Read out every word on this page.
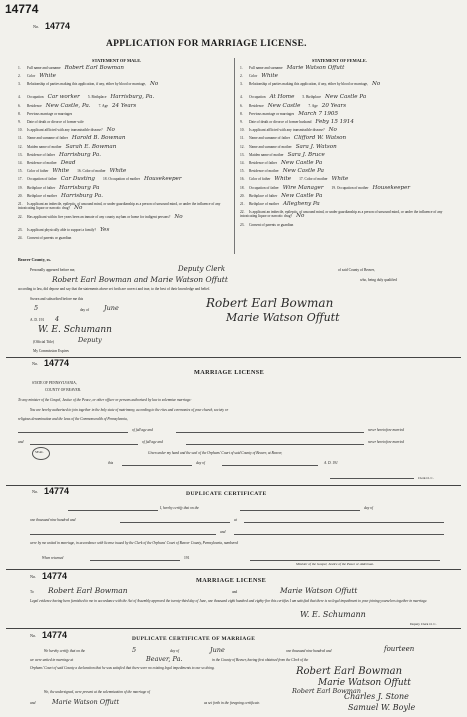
14774
No. 14774
APPLICATION FOR MARRIAGE LICENSE.
STATEMENT OF MALE.	STATEMENT OF FEMALE.
1. Full name and surname Robert Earl Bowman
2. Color White
3. Relationship of parties making this application, if any, either by blood or marriage, No
4. Occupation Car worker 5. Birthplace Harrisburg, Pa.
6. Residence New Castle, Pa. 7. Age 24 Years
8. Previous marriage or marriages
9. Date of death or divorce of former wife
10. Is applicant afflicted with any transmissible disease? No
11. Name and surname of father Harold B. Bowman
12. Maiden name of mother Sarah E. Bowman
13. Residence of father Harrisburg Pa.
14. Residence of mother Dead
15. Color of father White 16. Color of mother White
17. Occupation of father Car Dusting 18. Occupation of mother Housekeeper
19. Birthplace of father Harrisburg Pa
20. Birthplace of mother Harrisburg Pa.
21. Is applicant an imbecile, epileptic, of unsound mind, or under guardianship as a person of unsound mind, or under the influence of any intoxicating liquor or narcotic drug? No
22. Has applicant within five years been an inmate of any county asylum or home for indigent persons? No
23. Is applicant physically able to support a family? Yes
24. Consent of parents or guardian
1. Full name and surname Marie Watson Offutt
2. Color White
3. Relationship of parties making this application, if any, either by blood or marriage, No
4. Occupation At Home 5. Birthplace New Castle Pa
6. Residence New Castle 7. Age 20 Years
8. Previous marriage or marriages March 7 1905
9. Date of death or divorce of former husband Feby 15 1914
10. Is applicant afflicted with any transmissible disease? No
11. Name and surname of father Clifford W. Watson
12. Name and surname of mother Sara J. Watson
13. Maiden name of mother Sara J. Bruce
14. Residence of father New Castle Pa
15. Residence of mother New Castle Pa
16. Color of father White 17. Color of mother White
18. Occupation of father Wire Manager 19. Occupation of mother Housekeeper
20. Birthplace of father New Castle Pa
21. Birthplace of mother Allegheny Pa
22. Is applicant an imbecile, epileptic, of unsound mind, or under guardianship as a person of unsound mind, or under the influence of any intoxicating liquor or narcotic drug? No
23. Consent of parents or guardian
Beaver County, ss.
Personally appeared before me,	Deputy Clerk	of said County of Beaver,
Robert Earl Bowman and Marie Watson Offutt	who, being duly qualified
according to law, did depose and say that the statements above set forth are correct and true, to the best of their knowledge and belief.
Sworn and subscribed before me this
5	day of June
A. D. 191 4
W. E. Schumann
(Official Title)	Deputy
My Commission Expires
Robert Earl Bowman
Marie Watson Offutt
No. 14774
MARRIAGE LICENSE
STATE OF PENNSYLVANIA,
COUNTY OF BEAVER.
To any minister of the Gospel, Justice of the Peace, or other officer or persons authorized by law to solemnize marriage:
You are hereby authorized to join together in the holy state of matrimony, according to the rites and ceremonies of your church, society or
religious denomination and the laws of the Commonwealth of Pennsylvania,
of full age and	never heretofore married
and	of full age and	never heretofore married
SEAL	Given under my hand and the seal of the Orphans' Court of said County of Beaver, at Beaver,
this	day of	A. D. 191
Clerk O. C.
No. 14774	DUPLICATE CERTIFICATE
I, hereby certify that on the	day of
one thousand nine hundred and	at
and
were by me united in marriage, in accordance with license issued by the Clerk of the Orphans' Court of Beaver County, Pennsylvania, numbered
When returned	191
Minister of the Gospel, Justice of the Peace or Alderman.
No. 14774	MARRIAGE LICENSE
To Robert Earl Bowman	and	Marie Watson Offutt
Legal evidence having been furnished to me in accordance with the Act of Assembly approved the twenty-third day of June, one thousand eight hundred and eighty-five this certifies I am satisfied that there is no legal impediment to your joining yourselves together in marriage.
W. E. Schumann
Deputy Clerk O. C.
No. 14774	DUPLICATE CERTIFICATE OF MARRIAGE
We hereby certify that on the	5	day of	June	one thousand nine hundred and	fourteen
we were united in marriage at	Beaver, Pa.	in the County of Beaver, having first obtained from the Clerk of the
Orphans' Court of said County a declaration that he was satisfied that there were no existing legal impediments to our so doing.	Robert Earl Bowman
Marie Watson Offutt
We, the undersigned, were present at the solemnization of the marriage of	Robert Earl Bowman
and	Marie Watson Offutt	as set forth in the foregoing certificate.
Charles J. Stone
Samuel W. Boyle
